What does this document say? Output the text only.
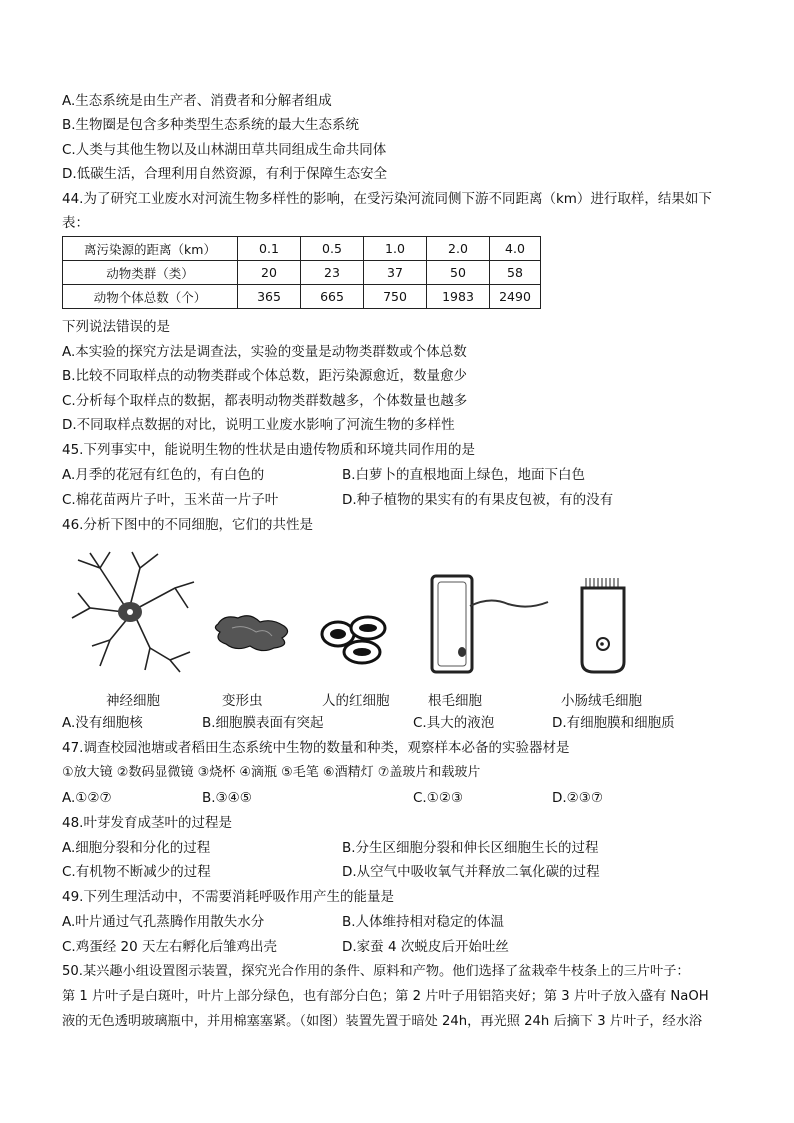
A.生态系统是由生产者、消费者和分解者组成
B.生物圈是包含多种类型生态系统的最大生态系统
C.人类与其他生物以及山林湖田草共同组成生命共同体
D.低碳生活，合理利用自然资源，有利于保障生态安全
44.为了研究工业废水对河流生物多样性的影响，在受污染河流同侧下游不同距离（km）进行取样，结果如下
表：
离污染源的距离（km）	0.1	0.5	1.0	2.0	4.0
动物类群（类）	20	23	37	50	58
动物个体总数（个）	365	665	750	1983	2490
下列说法错误的是
A.本实验的探究方法是调查法，实验的变量是动物类群数或个体总数
B.比较不同取样点的动物类群或个体总数，距污染源愈近，数量愈少
C.分析每个取样点的数据，都表明动物类群数越多，个体数量也越多
D.不同取样点数据的对比，说明工业废水影响了河流生物的多样性
45.下列事实中，能说明生物的性状是由遗传物质和环境共同作用的是
A.月季的花冠有红色的，有白色的	B.白萝卜的直根地面上绿色，地面下白色
C.棉花苗两片子叶，玉米苗一片子叶	D.种子植物的果实有的有果皮包被，有的没有
46.分析下图中的不同细胞，它们的共性是
神经细胞	变形虫	人的红细胞	根毛细胞	小肠绒毛细胞
A.没有细胞核	B.细胞膜表面有突起	C.具大的液泡	D.有细胞膜和细胞质
47.调查校园池塘或者稻田生态系统中生物的数量和种类，观察样本必备的实验器材是
①放大镜 ②数码显微镜 ③烧杯 ④滴瓶 ⑤毛笔 ⑥酒精灯 ⑦盖玻片和载玻片
A.①②⑦	B.③④⑤	C.①②③	D.②③⑦
48.叶芽发育成茎叶的过程是
A.细胞分裂和分化的过程	B.分生区细胞分裂和伸长区细胞生长的过程
C.有机物不断减少的过程	D.从空气中吸收氧气并释放二氧化碳的过程
49.下列生理活动中，不需要消耗呼吸作用产生的能量是
A.叶片通过气孔蒸腾作用散失水分	B.人体维持相对稳定的体温
C.鸡蛋经 20 天左右孵化后雏鸡出壳	D.家蚕 4 次蜕皮后开始吐丝
50.某兴趣小组设置图示装置，探究光合作用的条件、原料和产物。他们选择了盆栽牵牛枝条上的三片叶子：
第 1 片叶子是白斑叶，叶片上部分绿色，也有部分白色；第 2 片叶子用铝箔夹好；第 3 片叶子放入盛有 NaOH
液的无色透明玻璃瓶中，并用棉塞塞紧。（如图）装置先置于暗处 24h，再光照 24h 后摘下 3 片叶子，经水浴
